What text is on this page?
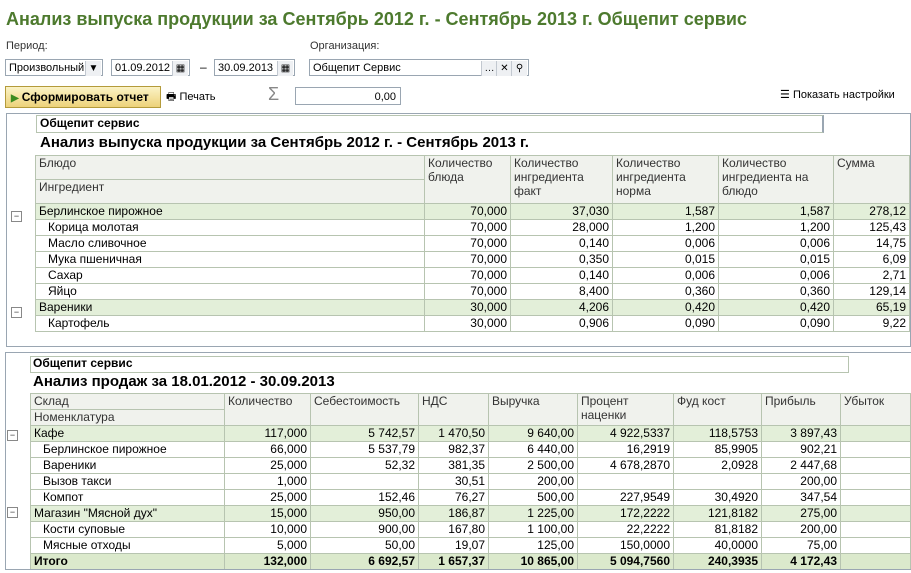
Анализ выпуска продукции за Сентябрь 2012 г. - Сентябрь 2013 г. Общепит сервис
Период:
Произвольный ▼	01.09.2012 ▦ –	30.09.2013 ▦
Организация:
Общепит Сервис	… ✕ ⚲
▶ Сформировать отчет	🖶 Печать	Σ	0,00	☰ Показать настройки
Общепит сервис
Анализ выпуска продукции за Сентябрь 2012 г. - Сентябрь 2013 г.
−
−
Блюдо	Количество блюда	Количество ингредиента факт	Количество ингредиента норма	Количество ингредиента на блюдо	Сумма
Ингредиент					
Берлинское пирожное	70,000	37,030	1,587	1,587	278,12
Корица молотая	70,000	28,000	1,200	1,200	125,43
Масло сливочное	70,000	0,140	0,006	0,006	14,75
Мука пшеничная	70,000	0,350	0,015	0,015	6,09
Сахар	70,000	0,140	0,006	0,006	2,71
Яйцо	70,000	8,400	0,360	0,360	129,14
Вареники	30,000	4,206	0,420	0,420	65,19
Картофель	30,000	0,906	0,090	0,090	9,22
Общепит сервис
Анализ продаж за 18.01.2012 - 30.09.2013
−
−
Склад	Количество	Себестоимость	НДС	Выручка	Процент наценки	Фуд кост	Прибыль	Убыток
Номенклатура								
Кафе	117,000	5 742,57	1 470,50	9 640,00	4 922,5337	118,5753	3 897,43	
Берлинское пирожное	66,000	5 537,79	982,37	6 440,00	16,2919	85,9905	902,21	
Вареники	25,000	52,32	381,35	2 500,00	4 678,2870	2,0928	2 447,68	
Вызов такси	1,000		30,51	200,00			200,00	
Компот	25,000	152,46	76,27	500,00	227,9549	30,4920	347,54	
Магазин "Мясной дух"	15,000	950,00	186,87	1 225,00	172,2222	121,8182	275,00	
Кости суповые	10,000	900,00	167,80	1 100,00	22,2222	81,8182	200,00	
Мясные отходы	5,000	50,00	19,07	125,00	150,0000	40,0000	75,00	
Итого	132,000	6 692,57	1 657,37	10 865,00	5 094,7560	240,3935	4 172,43	
